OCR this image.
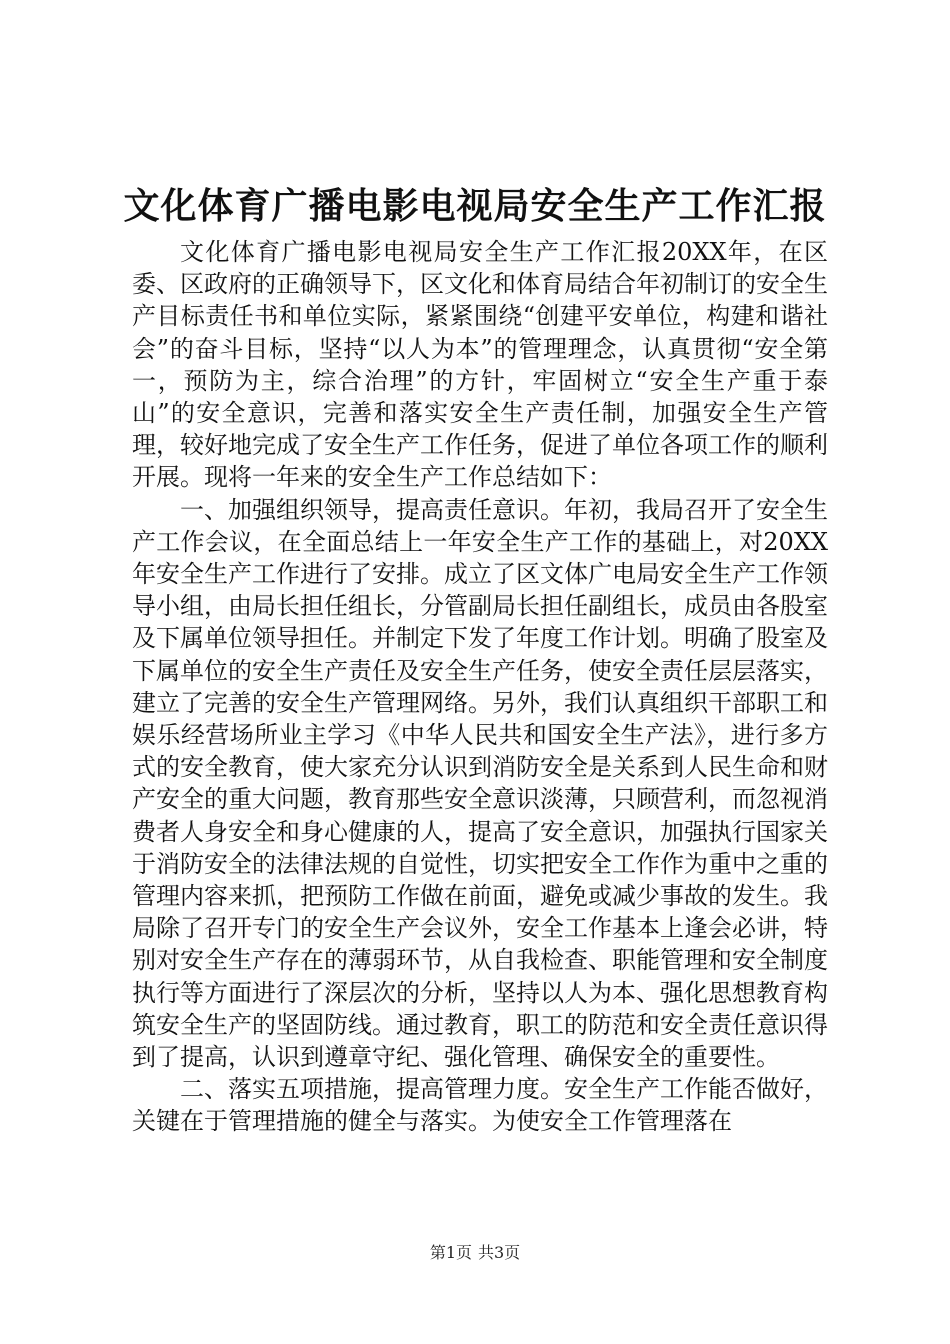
文化体育广播电影电视局安全生产工作汇报

文化体育广播电影电视局安全生产工作汇报20XX年，在区委、区政府的正确领导下，区文化和体育局结合年初制订的安全生产目标责任书和单位实际，紧紧围绕“创建平安单位，构建和谐社会”的奋斗目标，坚持“以人为本”的管理理念，认真贯彻“安全第一，预防为主，综合治理”的方针，牢固树立“安全生产重于泰山”的安全意识，完善和落实安全生产责任制，加强安全生产管理，较好地完成了安全生产工作任务，促进了单位各项工作的顺利开展。现将一年来的安全生产工作总结如下：

一、加强组织领导，提高责任意识。年初，我局召开了安全生产工作会议，在全面总结上一年安全生产工作的基础上，对20XX年安全生产工作进行了安排。成立了区文体广电局安全生产工作领导小组，由局长担任组长，分管副局长担任副组长，成员由各股室及下属单位领导担任。并制定下发了年度工作计划。明确了股室及下属单位的安全生产责任及安全生产任务，使安全责任层层落实，建立了完善的安全生产管理网络。另外，我们认真组织干部职工和娱乐经营场所业主学习《中华人民共和国安全生产法》，进行多方式的安全教育，使大家充分认识到消防安全是关系到人民生命和财产安全的重大问题，教育那些安全意识淡薄，只顾营利，而忽视消费者人身安全和身心健康的人，提高了安全意识，加强执行国家关于消防安全的法律法规的自觉性，切实把安全工作作为重中之重的管理内容来抓，把预防工作做在前面，避免或减少事故的发生。我局除了召开专门的安全生产会议外，安全工作基本上逢会必讲，特别对安全生产存在的薄弱环节，从自我检查、职能管理和安全制度执行等方面进行了深层次的分析，坚持以人为本、强化思想教育构筑安全生产的坚固防线。通过教育，职工的防范和安全责任意识得到了提高，认识到遵章守纪、强化管理、确保安全的重要性。

二、落实五项措施，提高管理力度。安全生产工作能否做好，关键在于管理措施的健全与落实。为使安全工作管理落在

第1页 共3页
